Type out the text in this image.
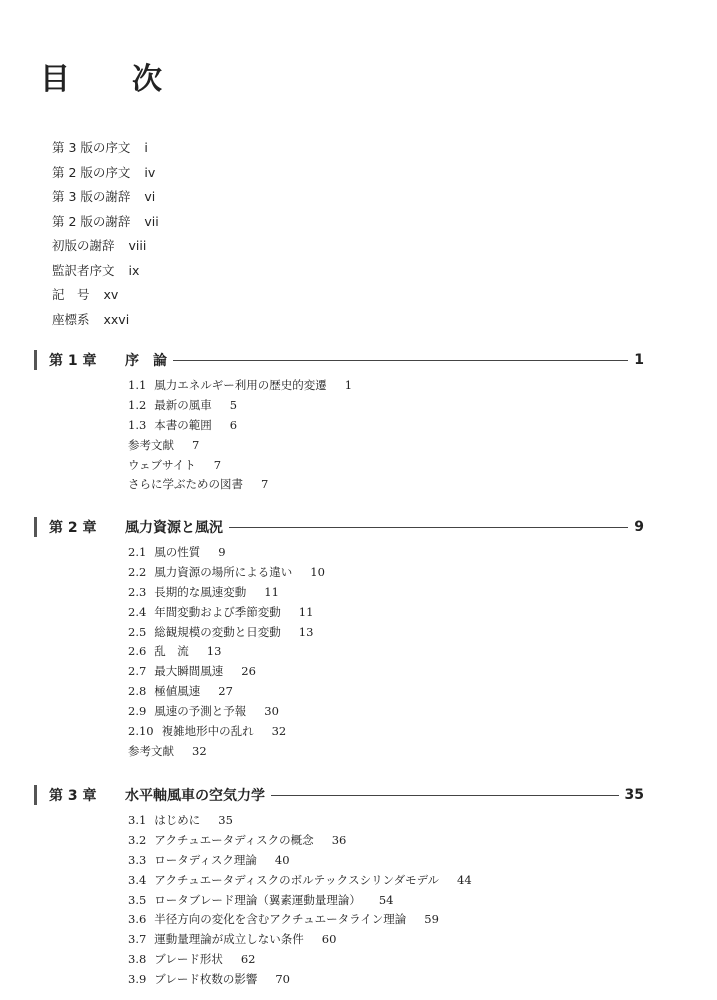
目　次
第 3 版の序文 i
第 2 版の序文 iv
第 3 版の謝辞 vi
第 2 版の謝辞 vii
初版の謝辞 viii
監訳者序文 ix
記　号 xv
座標系 xxvi
第 1 章	序　論	1
1.1 風力エネルギー利用の歴史的変遷 1
1.2 最新の風車 5
1.3 本書の範囲 6
参考文献 7
ウェブサイト 7
さらに学ぶための図書 7
第 2 章	風力資源と風況	9
2.1 風の性質 9
2.2 風力資源の場所による違い 10
2.3 長期的な風速変動 11
2.4 年間変動および季節変動 11
2.5 総観規模の変動と日変動 13
2.6 乱　流 13
2.7 最大瞬間風速 26
2.8 極値風速 27
2.9 風速の予測と予報 30
2.10 複雑地形中の乱れ 32
参考文献 32
第 3 章	水平軸風車の空気力学	35
3.1 はじめに 35
3.2 アクチュエータディスクの概念 36
3.3 ロータディスク理論 40
3.4 アクチュエータディスクのボルテックスシリンダモデル 44
3.5 ロータブレード理論（翼素運動量理論） 54
3.6 半径方向の変化を含むアクチュエータライン理論 59
3.7 運動量理論が成立しない条件 60
3.8 ブレード形状 62
3.9 ブレード枚数の影響 70
